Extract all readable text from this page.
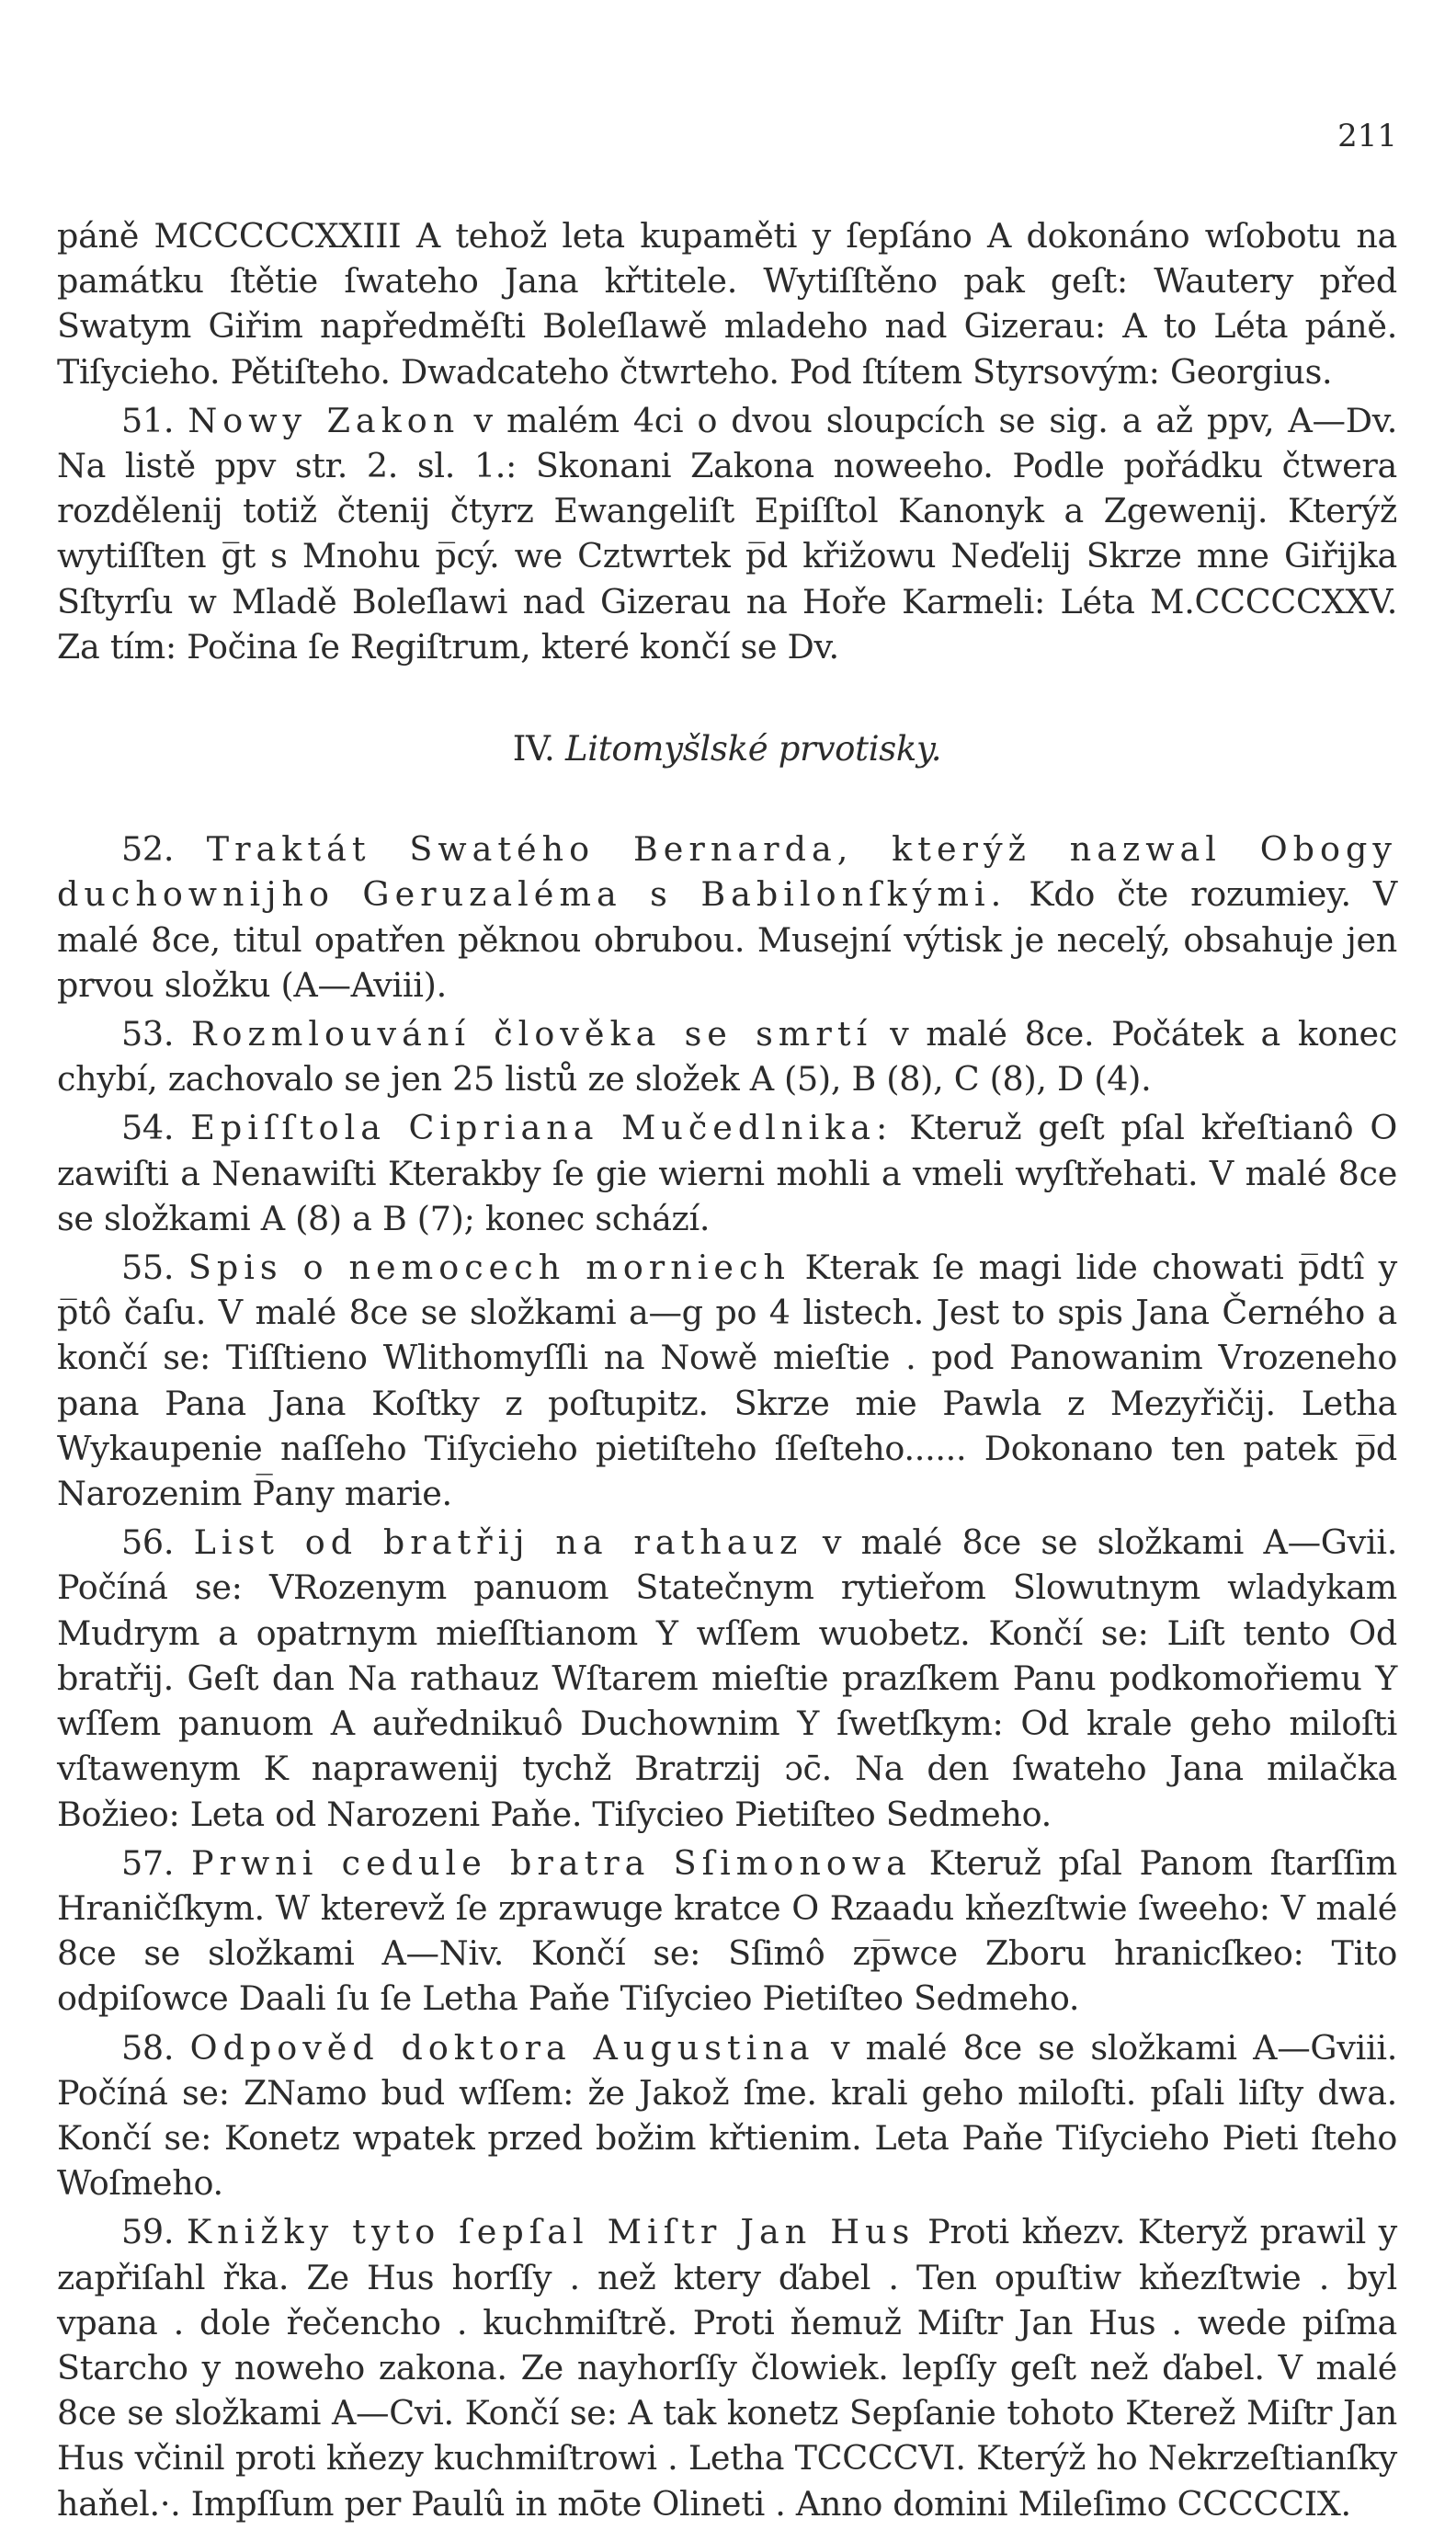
211

páně MCCCCCXXIII A tehož leta kupaměti y ſepſáno A dokonáno wſobotu na památku ſtětie ſwateho Jana křtitele. Wytiſſtěno pak geſt: Wautery před Swatym Giřim napředměſti Boleſlawě mladeho nad Gizerau: A to Léta páně. Tiſycieho. Pětiſteho. Dwadcateho čtwrteho. Pod ſtítem Styrsovým: Georgius.

51. Nowy Zakon v malém 4ci o dvou sloupcích se sig. a až ppv, A—Dv. Na listě ppv str. 2. sl. 1.: Skonani Zakona noweeho. Podle pořádku čtwera rozdělenij totiž čtenij čtyrz Ewangeliſt Epiſſtol Kanonyk a Zgewenij. Kterýž wytiſſten g̅t s Mnohu p̅cý. we Cztwrtek p̅d křižowu Neďelij Skrze mne Giřijka Sſtyrſu w Mladě Boleſlawi nad Gizerau na Hoře Karmeli: Léta M.CCCCCXXV. Za tím: Počina ſe Regiſtrum, které končí se Dv.

IV. Litomyšlské prvotisky.

52. Traktát Swatého Bernarda, kterýž nazwal Obogy duchownijho Geruzaléma s Babilonſkými. Kdo čte rozumiey. V malé 8ce, titul opatřen pěknou obrubou. Musejní výtisk je necelý, obsahuje jen prvou složku (A—Aviii).

53. Rozmlouvání člověka se smrtí v malé 8ce. Počátek a konec chybí, zachovalo se jen 25 listů ze složek A (5), B (8), C (8), D (4).

54. Epiſſtola Cipriana Mučedlnika: Kteruž geſt pſal křeſtianô O zawiſti a Nenawiſti Kterakby ſe gie wierni mohli a vmeli wyſtřehati. V malé 8ce se složkami A (8) a B (7); konec schází.

55. Spis o nemocech morniech Kterak ſe magi lide chowati p̅dtî y p̅tô čaſu. V malé 8ce se složkami a—g po 4 listech. Jest to spis Jana Černého a končí se: Tiſſtieno Wlithomyſſli na Nowě mieſtie . pod Panowanim Vrozeneho pana Pana Jana Koſtky z poſtupitz. Skrze mie Pawla z Mezyřičij. Letha Wykaupenie naſſeho Tiſycieho pietiſteho ſſeſteho...... Dokonano ten patek p̅d Narozenim P̅any marie.

56. List od bratřij na rathauz v malé 8ce se složkami A—Gvii. Počíná se: VRozenym panuom Statečnym rytieřom Slowutnym wladykam Mudrym a opatrnym mieſſtianom Y wſſem wuobetz. Končí se: Liſt tento Od bratřij. Geſt dan Na rathauz Wſtarem mieſtie prazſkem Panu podkomořiemu Y wſſem panuom A auřednikuô Duchownim Y ſwetſkym: Od krale geho miloſti vſtawenym K naprawenij tychž Bratrzij ɔc̄. Na den ſwateho Jana milačka Božieo: Leta od Narozeni Paňe. Tiſycieo Pietiſteo Sedmeho.

57. Prwni cedule bratra Sſimonowa Kteruž pſal Panom ſtarſſim Hraničſkym. W kterevž ſe zprawuge kratce O Rzaadu kňezſtwie ſweeho: V malé 8ce se složkami A—Niv. Končí se: Sſimô zp̅wce Zboru hranicſkeo: Tito odpiſowce Daali ſu ſe Letha Paňe Tiſycieo Pietiſteo Sedmeho.

58. Odpověd doktora Augustina v malé 8ce se složkami A—Gviii. Počíná se: ZNamo bud wſſem: že Jakož ſme. krali geho miloſti. pſali liſty dwa. Končí se: Konetz wpatek przed božim křtienim. Leta Paňe Tiſycieho Pieti ſteho Woſmeho.

59. Knižky tyto ſepſal Miſtr Jan Hus Proti kňezv. Kteryž prawil y zapřiſahl řka. Ze Hus horſſy . než ktery ďabel . Ten opuſtiw kňezſtwie . byl vpana . dole řečencho . kuchmiſtrě. Proti ňemuž Miſtr Jan Hus . wede piſma Starcho y noweho zakona. Ze nayhorſſy člowiek. lepſſy geſt než ďabel. V malé 8ce se složkami A—Cvi. Končí se: A tak konetz Sepſanie tohoto Kterež Miſtr Jan Hus včinil proti kňezy kuchmiſtrowi . Letha TCCCCVI. Kterýž ho Nekrzeſtianſky haňel.·. Impſſum per Paulû in mōte Olineti . Anno domini Mileſimo CCCCCIX.
